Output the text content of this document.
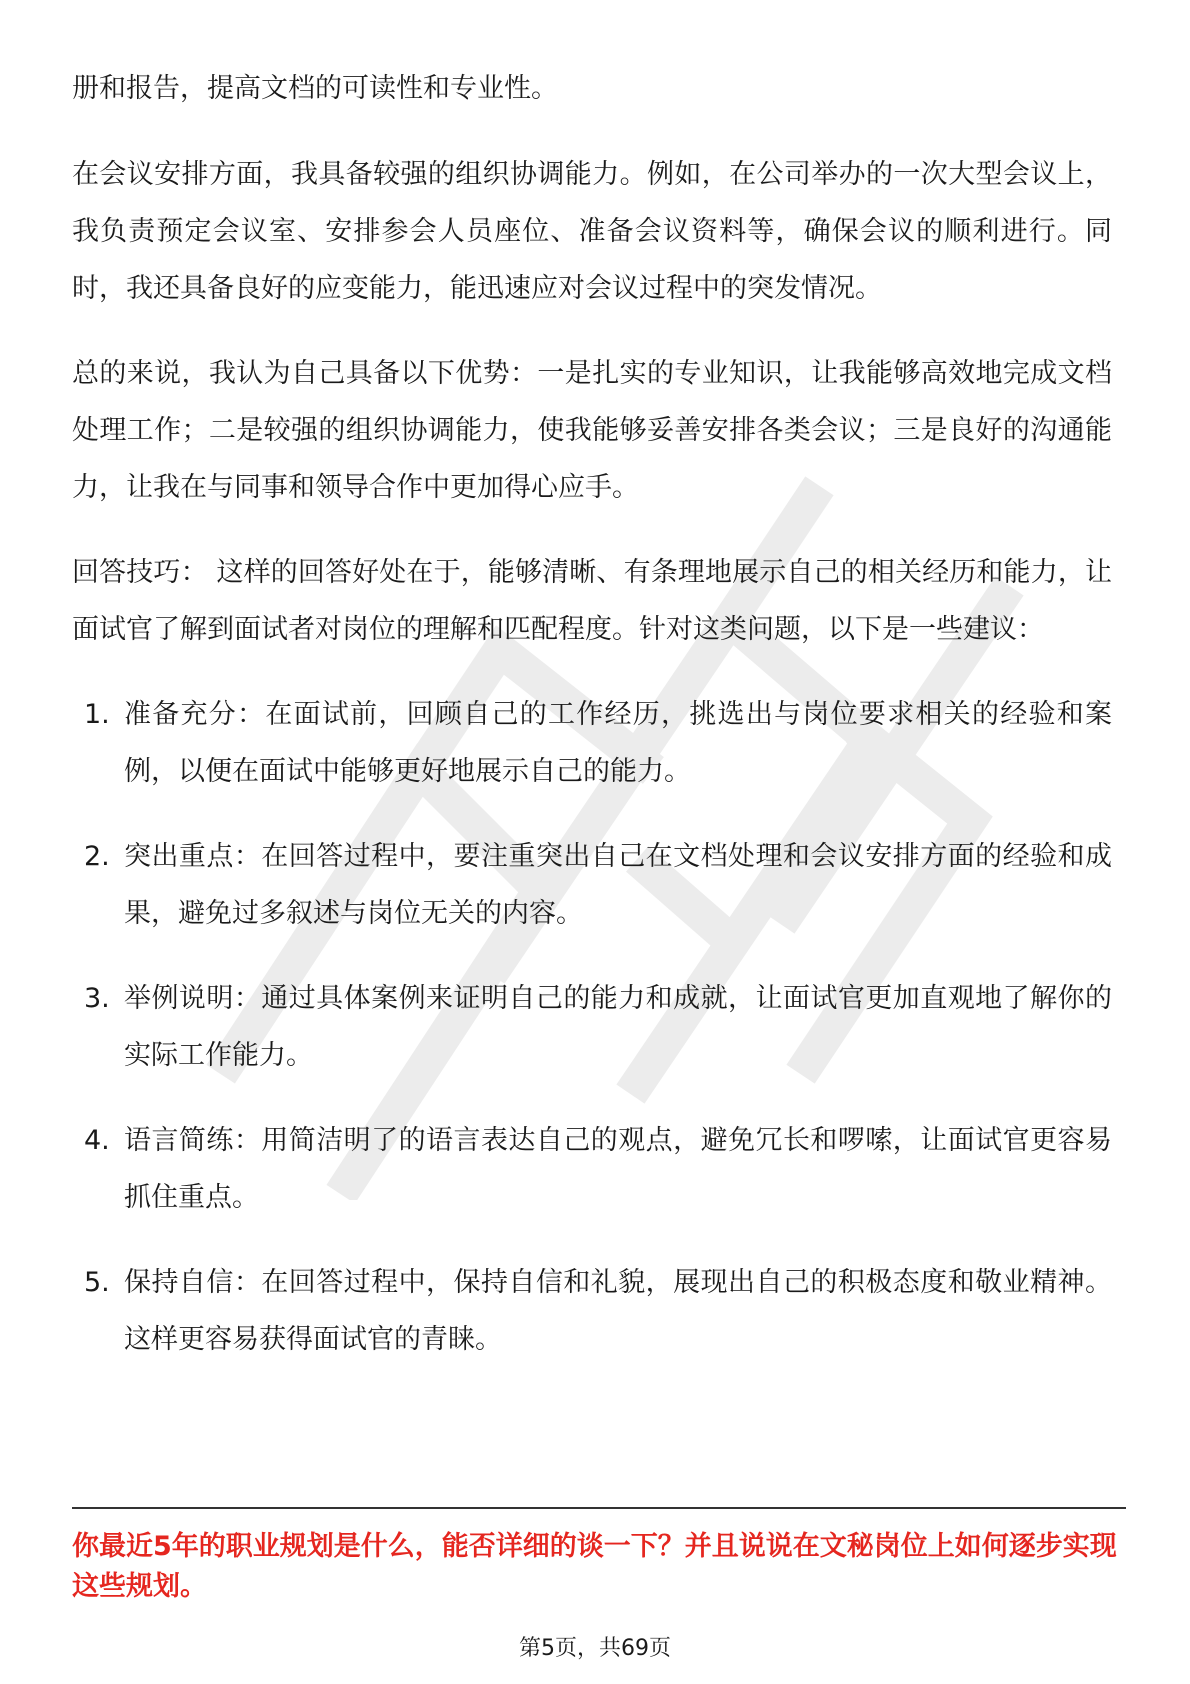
册和报告，提高文档的可读性和专业性。

在会议安排方面，我具备较强的组织协调能力。例如，在公司举办的一次大型会议上，我负责预定会议室、安排参会人员座位、准备会议资料等，确保会议的顺利进行。同时，我还具备良好的应变能力，能迅速应对会议过程中的突发情况。

总的来说，我认为自己具备以下优势：一是扎实的专业知识，让我能够高效地完成文档处理工作；二是较强的组织协调能力，使我能够妥善安排各类会议；三是良好的沟通能力，让我在与同事和领导合作中更加得心应手。

回答技巧： 这样的回答好处在于，能够清晰、有条理地展示自己的相关经历和能力，让面试官了解到面试者对岗位的理解和匹配程度。针对这类问题，以下是一些建议：

1. 准备充分：在面试前，回顾自己的工作经历，挑选出与岗位要求相关的经验和案例，以便在面试中能够更好地展示自己的能力。
2. 突出重点：在回答过程中，要注重突出自己在文档处理和会议安排方面的经验和成果，避免过多叙述与岗位无关的内容。
3. 举例说明：通过具体案例来证明自己的能力和成就，让面试官更加直观地了解你的实际工作能力。
4. 语言简练：用简洁明了的语言表达自己的观点，避免冗长和啰嗦，让面试官更容易抓住重点。
5. 保持自信：在回答过程中，保持自信和礼貌，展现出自己的积极态度和敬业精神。这样更容易获得面试官的青睐。

你最近5年的职业规划是什么，能否详细的谈一下？并且说说在文秘岗位上如何逐步实现这些规划。

第5页，共69页
